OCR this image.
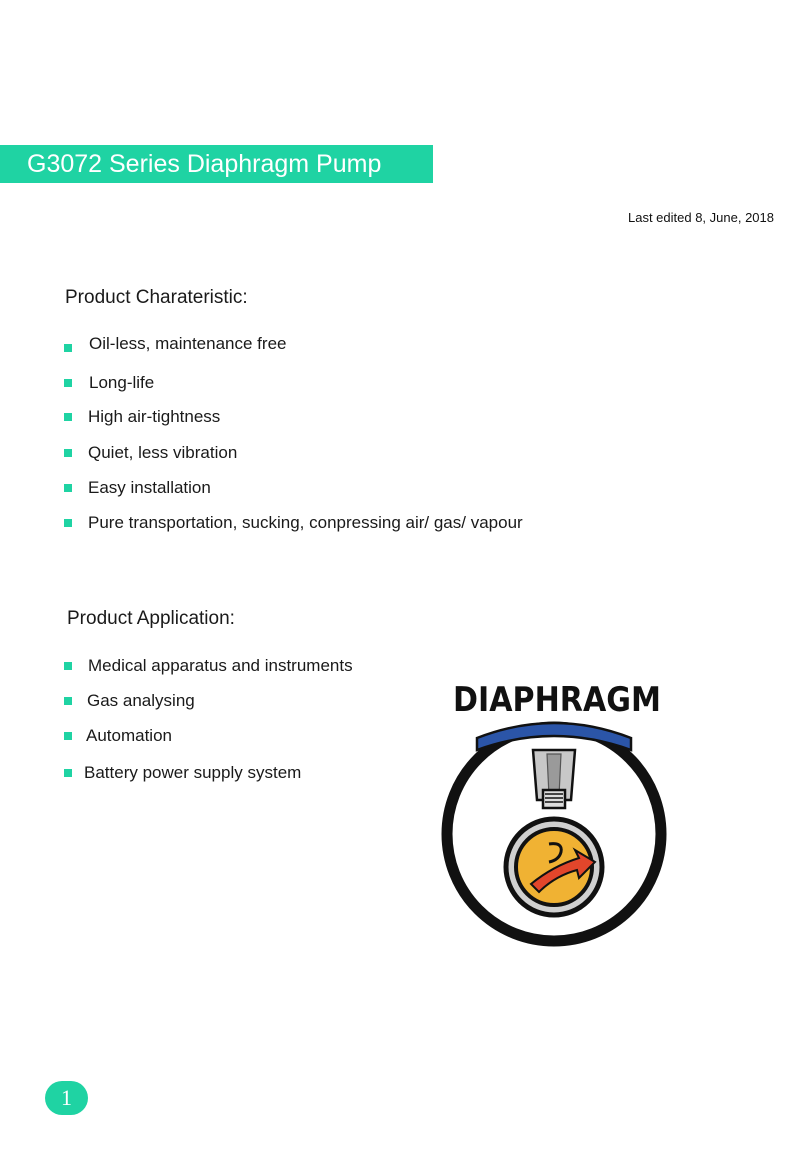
G3072 Series Diaphragm Pump
Last edited 8, June, 2018
Product Charateristic:
Oil-less, maintenance free
Long-life
High air-tightness
Quiet, less vibration
Easy installation
Pure transportation, sucking, conpressing air/ gas/ vapour
Product Application:
Medical apparatus and instruments
Gas analysing
Automation
Battery power supply system
DIAPHRAGM
1
